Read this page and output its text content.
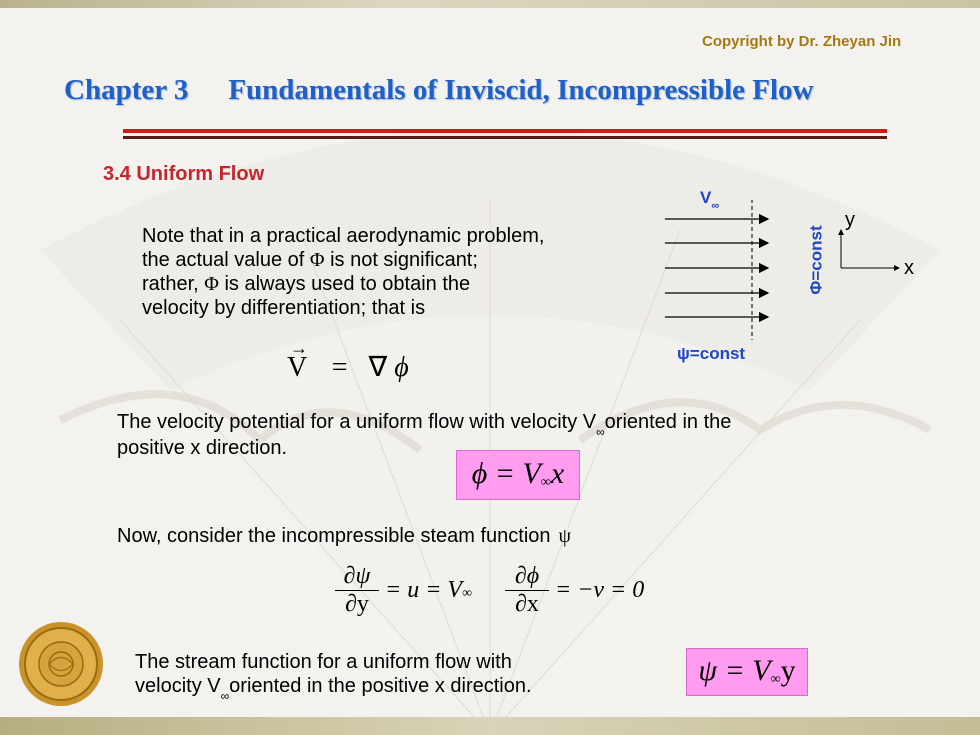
Copyright by Dr. Zheyan Jin
Chapter 3 Fundamentals of Inviscid, Incompressible Flow
3.4 Uniform Flow
Note that in a practical aerodynamic problem,
the actual value of Φ is not significant;
rather, Φ is always used to obtain the
velocity by differentiation; that is
→
V = ∇ ϕ
$V_\infty$
Φ=const
ψ=const
y
x
The velocity potential for a uniform flow with velocity $V_\infty oriented$ in the
positive x direction.
ϕ = V∞x
Now, consider the incompressible steam function ψ
$\frac{\partial\psi}{\partial y} = u = V\infty \frac{\partial\phi}{\partial x} = -v = 0$
The stream function for a uniform flow with
velocity $V_\infty oriented$ in the positive x direction.	ψ = V∞y
